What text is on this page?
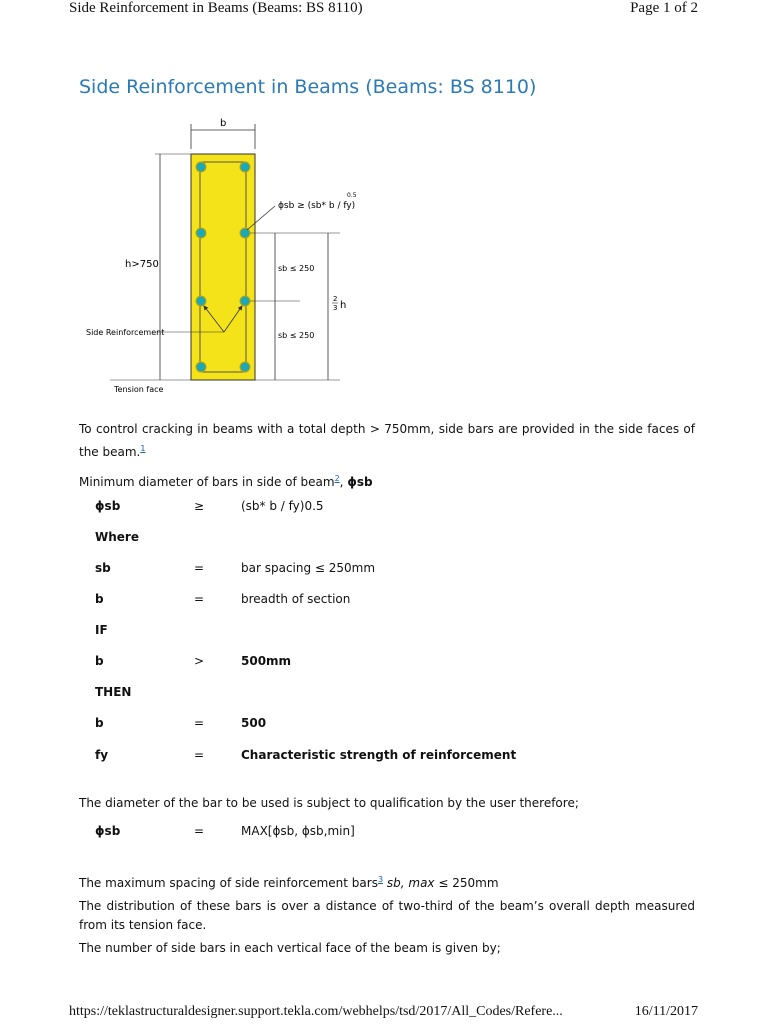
Side Reinforcement in Beams (Beams: BS 8110)	Page 1 of 2
Side Reinforcement in Beams (Beams: BS 8110)
b
h>750
ϕsb ≥ (sb* b / fy)
0.5
sb ≤ 250
sb ≤ 250
2
3 h
Side Reinforcement
Tension face
To control cracking in beams with a total depth > 750mm, side bars are provided in the side faces of the beam.$^1$
Minimum diameter of bars in side of beam$^2$, ϕsb
ϕsb	≥	(sb* b / fy)0.5
Where
sb	=	bar spacing ≤ 250mm
b	=	breadth of section
IF
b	>	500mm
THEN
b	=	500
fy	=	Characteristic strength of reinforcement
The diameter of the bar to be used is subject to qualification by the user therefore;
ϕsb	=	MAX[ϕsb, ϕsb,min]
The maximum spacing of side reinforcement bars$^3$ sb, max ≤ 250mm
The distribution of these bars is over a distance of two-third of the beam’s overall depth measured from its tension face.
The number of side bars in each vertical face of the beam is given by;
https://teklastructuraldesigner.support.tekla.com/webhelps/tsd/2017/All_Codes/Refere...	16/11/2017
